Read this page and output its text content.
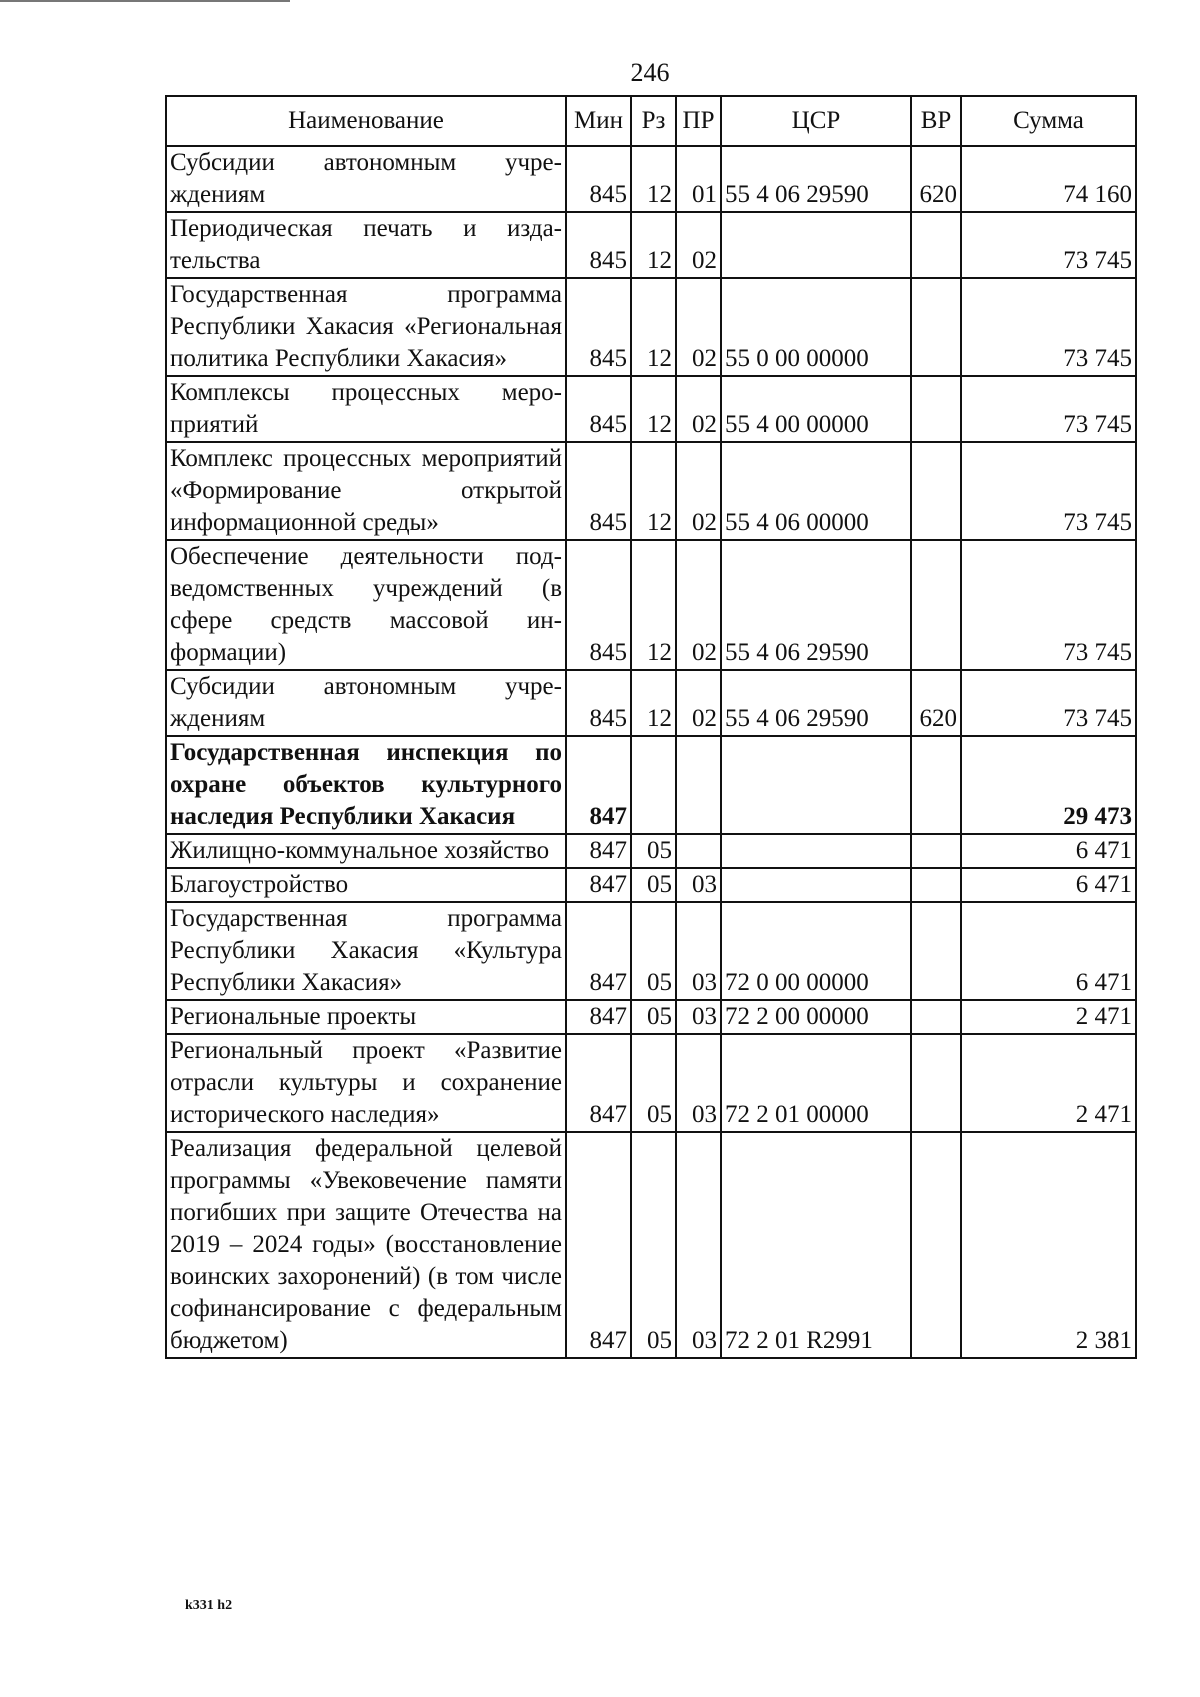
246
Наименование	Мин	Рз	ПР	ЦСР	ВР	Сумма
Субсидии автономным учреждениям	845	12	01	55 4 06 29590	620	74 160
Периодическая печать и издательства	845	12	02			73 745
Государственная программа Республики Хакасия «Региональная политика Республики Хакасия»	845	12	02	55 0 00 00000		73 745
Комплексы процессных мероприятий	845	12	02	55 4 00 00000		73 745
Комплекс процессных мероприятий «Формирование открытой информационной среды»	845	12	02	55 4 06 00000		73 745
Обеспечение деятельности подведомственных учреждений (в сфере средств массовой информации)	845	12	02	55 4 06 29590		73 745
Субсидии автономным учреждениям	845	12	02	55 4 06 29590	620	73 745
Государственная инспекция по охране объектов культурного наследия Республики Хакасия	847					29 473
Жилищно-коммунальное хозяйство	847	05				6 471
Благоустройство	847	05	03			6 471
Государственная программа Республики Хакасия «Культура Республики Хакасия»	847	05	03	72 0 00 00000		6 471
Региональные проекты	847	05	03	72 2 00 00000		2 471
Региональный проект «Развитие отрасли культуры и сохранение исторического наследия»	847	05	03	72 2 01 00000		2 471
Реализация федеральной целевой программы «Увековечение памяти погибших при защите Отечества на 2019 – 2024 годы» (восстановление воинских захоронений) (в том числе софинансирование с федеральным бюджетом)	847	05	03	72 2 01 R2991		2 381
k331 h2
